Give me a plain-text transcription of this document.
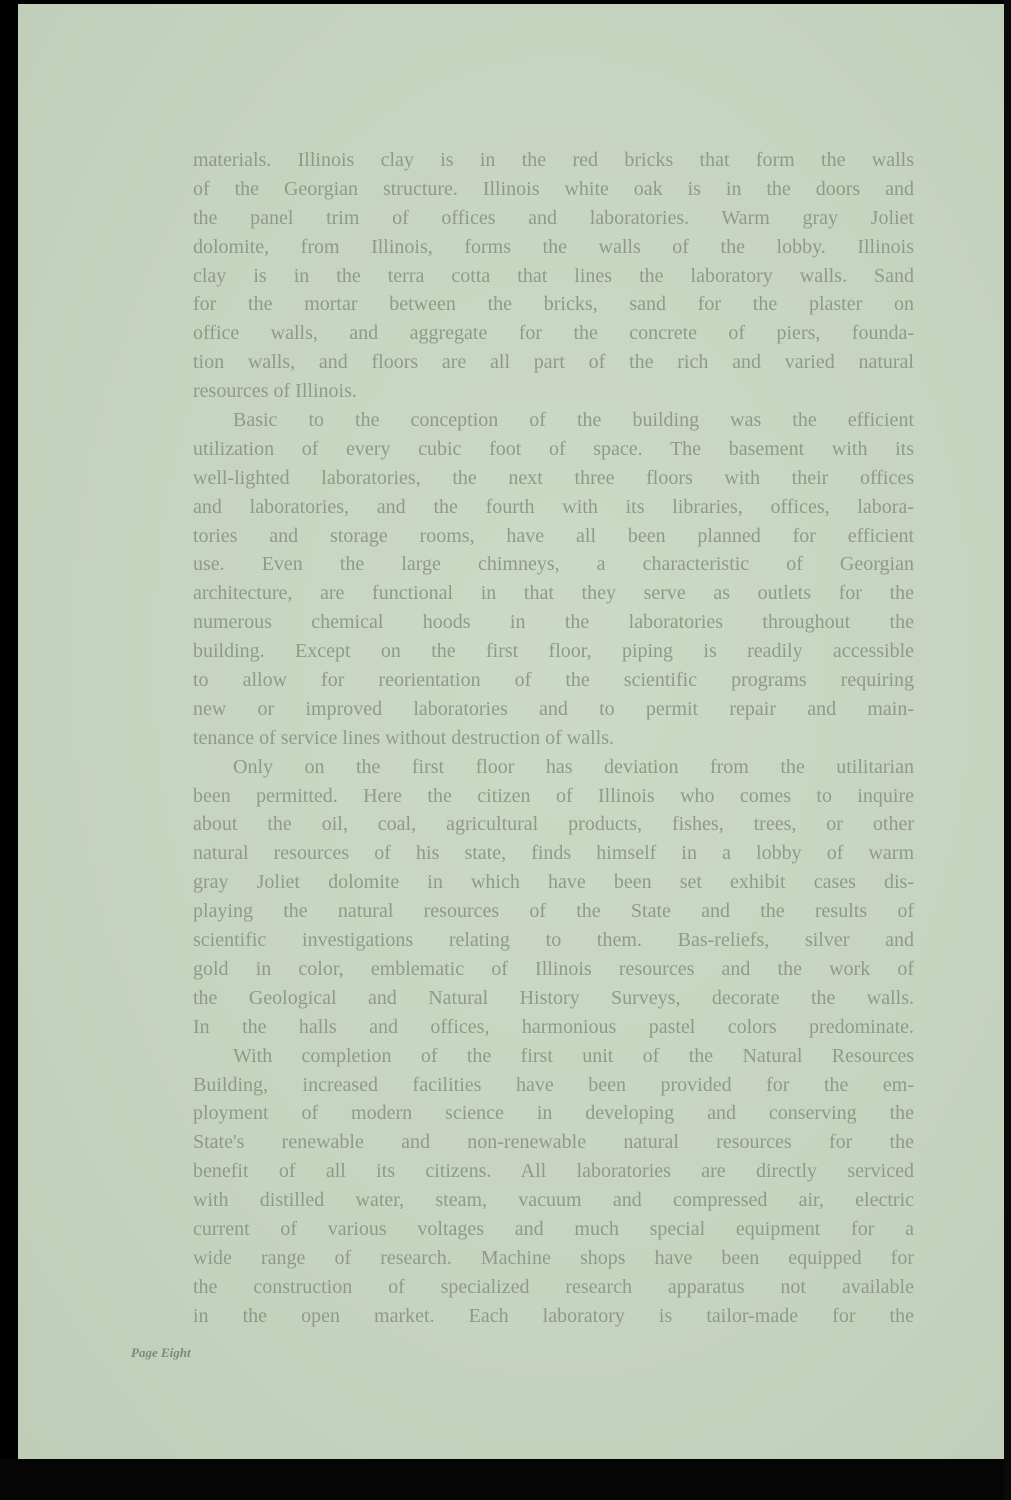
materials. Illinois clay is in the red bricks that form the walls
of the Georgian structure. Illinois white oak is in the doors and
the panel trim of offices and laboratories. Warm gray Joliet
dolomite, from Illinois, forms the walls of the lobby. Illinois
clay is in the terra cotta that lines the laboratory walls. Sand
for the mortar between the bricks, sand for the plaster on
office walls, and aggregate for the concrete of piers, founda-
tion walls, and floors are all part of the rich and varied natural
resources of Illinois.
Basic to the conception of the building was the efficient
utilization of every cubic foot of space. The basement with its
well-lighted laboratories, the next three floors with their offices
and laboratories, and the fourth with its libraries, offices, labora-
tories and storage rooms, have all been planned for efficient
use. Even the large chimneys, a characteristic of Georgian
architecture, are functional in that they serve as outlets for the
numerous chemical hoods in the laboratories throughout the
building. Except on the first floor, piping is readily accessible
to allow for reorientation of the scientific programs requiring
new or improved laboratories and to permit repair and main-
tenance of service lines without destruction of walls.
Only on the first floor has deviation from the utilitarian
been permitted. Here the citizen of Illinois who comes to inquire
about the oil, coal, agricultural products, fishes, trees, or other
natural resources of his state, finds himself in a lobby of warm
gray Joliet dolomite in which have been set exhibit cases dis-
playing the natural resources of the State and the results of
scientific investigations relating to them. Bas-reliefs, silver and
gold in color, emblematic of Illinois resources and the work of
the Geological and Natural History Surveys, decorate the walls.
In the halls and offices, harmonious pastel colors predominate.
With completion of the first unit of the Natural Resources
Building, increased facilities have been provided for the em-
ployment of modern science in developing and conserving the
State's renewable and non-renewable natural resources for the
benefit of all its citizens. All laboratories are directly serviced
with distilled water, steam, vacuum and compressed air, electric
current of various voltages and much special equipment for a
wide range of research. Machine shops have been equipped for
the construction of specialized research apparatus not available
in the open market. Each laboratory is tailor-made for the

Page Eight
